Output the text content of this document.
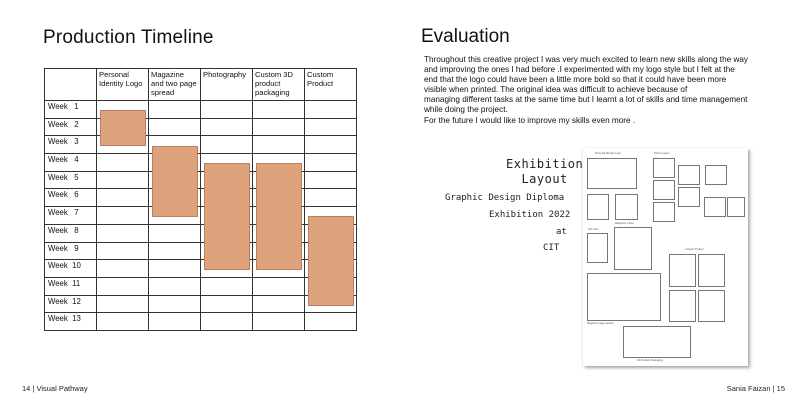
Production Timeline
	Personal Identity Logo	Magazine and two page spread	Photography	Custom 3D product packaging	Custom Product
Week   1					
Week   2					
Week   3					
Week   4					
Week   5					
Week   6					
Week   7					
Week   8					
Week   9					
Week  10					
Week  11					
Week  12					
Week  13					
14 | Visual Pathway
Evaluation

Throughout this creative project I was very much excited to learn new skills along the way and improving the ones I had before .I experimented with my logo style but I felt at the end that the logo could have been a little more bold so that it could have been more visible when printed. The original idea was difficult to achieve because of

managing different tasks at the same time but I learnt a lot of skills and time management while doing the project.

For the future I would like to improve my skills even more .

Exhibition
Layout
Graphic Design Diploma
Exhibition 2022
at
CIT
Personal Identity Logo	Photo Layout
Magazine Cover
Gift code
Custom Product
Magazine page spread
3D Product Packaging
Sania Faizan | 15
